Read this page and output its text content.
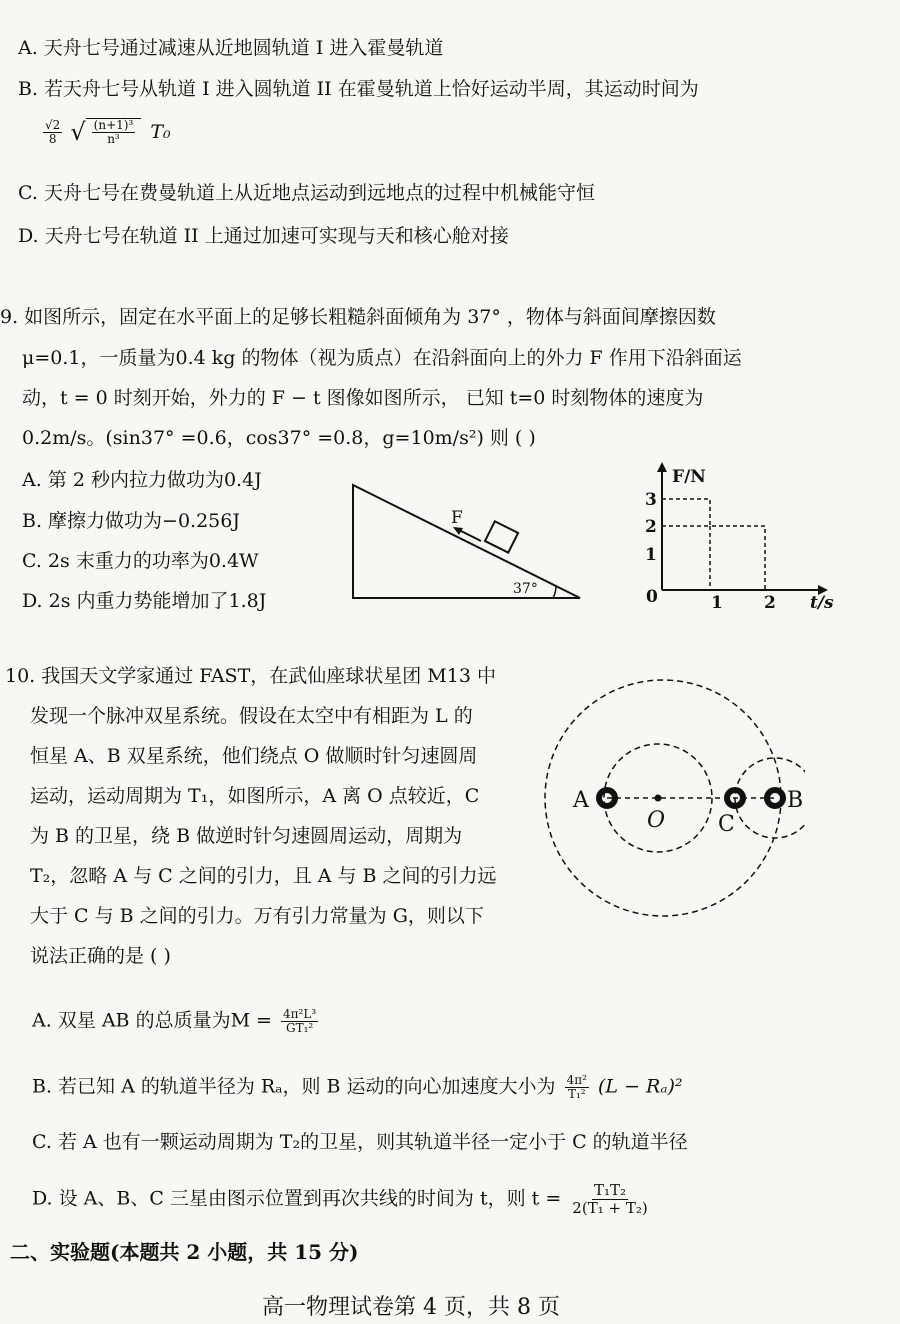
A. 天舟七号通过减速从近地圆轨道 I 进入霍曼轨道
B. 若天舟七号从轨道 I 进入圆轨道 II 在霍曼轨道上恰好运动半周，其运动时间为
$\frac{√2}{8}$ √ $\frac{\text{(n+1)³}}{\text{n³}} T_0$
C. 天舟七号在费曼轨道上从近地点运动到远地点的过程中机械能守恒
D. 天舟七号在轨道 II 上通过加速可实现与天和核心舱对接
9. 如图所示，固定在水平面上的足够长粗糙斜面倾角为 37° ，物体与斜面间摩擦因数
μ=0.1，一质量为0.4 kg 的物体（视为质点）在沿斜面向上的外力 F 作用下沿斜面运
动，t = 0 时刻开始，外力的 F − t 图像如图所示， 已知 t=0 时刻物体的速度为
0.2m/s。(sin37° =0.6，cos37° =0.8，g=10m/s²) 则 ( )
A. 第 2 秒内拉力做功为0.4J
B. 摩擦力做功为−0.256J
C. 2s 末重力的功率为0.4W
D. 2s 内重力势能增加了1.8J
F
37°
F/N
t/s
0
3
2
1
1 2
10. 我国天文学家通过 FAST，在武仙座球状星团 M13 中
发现一个脉冲双星系统。假设在太空中有相距为 L 的
恒星 A、B 双星系统，他们绕点 O 做顺时针匀速圆周
运动，运动周期为 T₁，如图所示，A 离 O 点较近，C
为 B 的卫星，绕 B 做逆时针匀速圆周运动，周期为
T₂，忽略 A 与 C 之间的引力，且 A 与 B 之间的引力远
大于 C 与 B 之间的引力。万有引力常量为 G，则以下
说法正确的是 ( )
A
O C
B
A. 双星 AB 的总质量为$M = \frac{\text{4π²L³}}{\text{GT₁²}}$
B. 若已知 A 的轨道半径为 Rₐ，则 B 运动的向心加速度大小为 $\frac{\text{4π²}}{\text{T₁²}} (L - R_a)^2$
C. 若 A 也有一颗运动周期为 T₂的卫星，则其轨道半径一定小于 C 的轨道半径
D. 设 A、B、C 三星由图示位置到再次共线的时间为 t，则 $t = \frac{\text{T₁T₂}}{\text{2(T₁ + T₂)}}$
二、实验题(本题共 2 小题，共 15 分)
高一物理试卷第 4 页，共 8 页
